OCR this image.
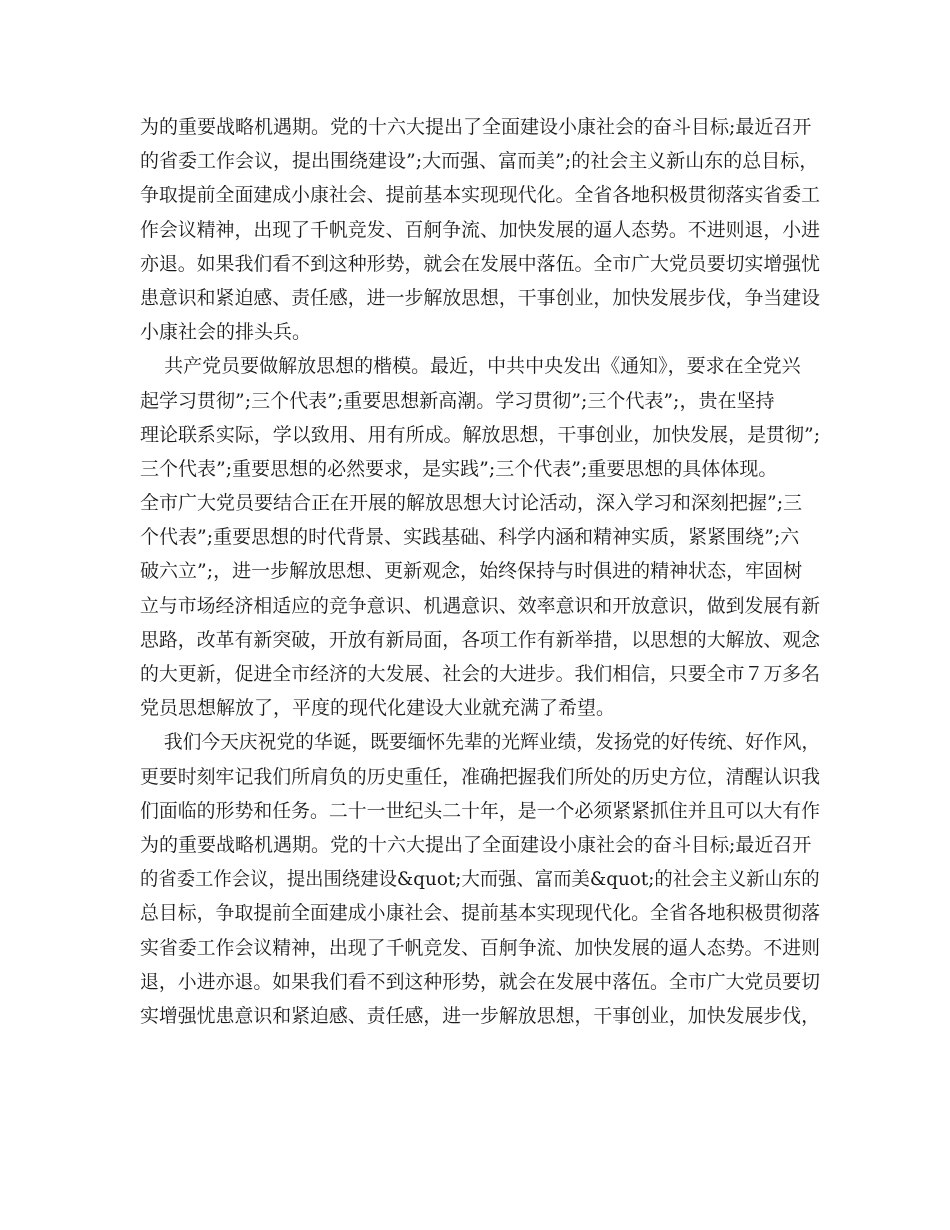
为的重要战略机遇期。党的十六大提出了全面建设小康社会的奋斗目标;最近召开
的省委工作会议，提出围绕建设”;大而强、富而美”;的社会主义新山东的总目标，
争取提前全面建成小康社会、提前基本实现现代化。全省各地积极贯彻落实省委工
作会议精神，出现了千帆竞发、百舸争流、加快发展的逼人态势。不进则退，小进
亦退。如果我们看不到这种形势，就会在发展中落伍。全市广大党员要切实增强忧
患意识和紧迫感、责任感，进一步解放思想，干事创业，加快发展步伐，争当建设
小康社会的排头兵。
共产党员要做解放思想的楷模。最近，中共中央发出《通知》，要求在全党兴
起学习贯彻”;三个代表”;重要思想新高潮。学习贯彻”;三个代表”;，贵在坚持
理论联系实际，学以致用、用有所成。解放思想，干事创业，加快发展，是贯彻”;
三个代表”;重要思想的必然要求，是实践”;三个代表”;重要思想的具体体现。
全市广大党员要结合正在开展的解放思想大讨论活动，深入学习和深刻把握”;三
个代表”;重要思想的时代背景、实践基础、科学内涵和精神实质，紧紧围绕”;六
破六立”;，进一步解放思想、更新观念，始终保持与时俱进的精神状态，牢固树
立与市场经济相适应的竞争意识、机遇意识、效率意识和开放意识，做到发展有新
思路，改革有新突破，开放有新局面，各项工作有新举措，以思想的大解放、观念
的大更新，促进全市经济的大发展、社会的大进步。我们相信，只要全市７万多名
党员思想解放了，平度的现代化建设大业就充满了希望。
我们今天庆祝党的华诞，既要缅怀先辈的光辉业绩，发扬党的好传统、好作风，
更要时刻牢记我们所肩负的历史重任，准确把握我们所处的历史方位，清醒认识我
们面临的形势和任务。二十一世纪头二十年，是一个必须紧紧抓住并且可以大有作
为的重要战略机遇期。党的十六大提出了全面建设小康社会的奋斗目标;最近召开
的省委工作会议，提出围绕建设&quot;大而强、富而美&quot;的社会主义新山东的
总目标，争取提前全面建成小康社会、提前基本实现现代化。全省各地积极贯彻落
实省委工作会议精神，出现了千帆竞发、百舸争流、加快发展的逼人态势。不进则
退，小进亦退。如果我们看不到这种形势，就会在发展中落伍。全市广大党员要切
实增强忧患意识和紧迫感、责任感，进一步解放思想，干事创业，加快发展步伐，
